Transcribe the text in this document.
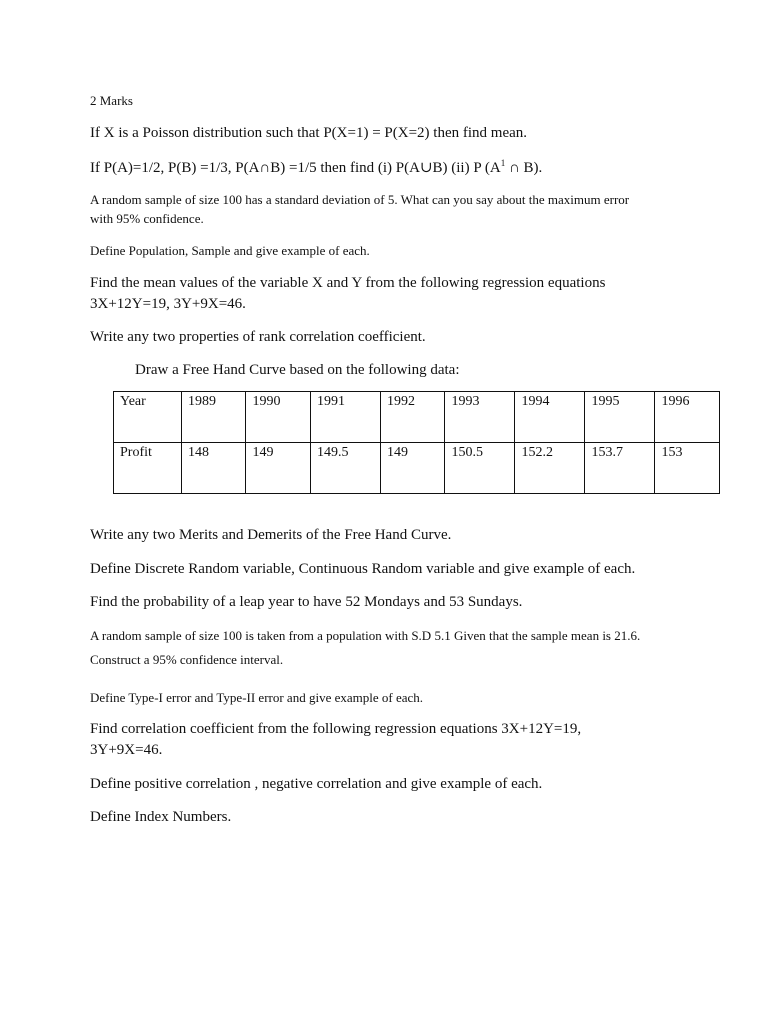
2 Marks
If X is a Poisson distribution such that P(X=1) = P(X=2) then find mean.
If P(A)=1/2, P(B) =1/3, P(A∩B) =1/5 then find (i) P(A∪B) (ii) P ($A^1$ ∩ B).
A random sample of size 100 has a standard deviation of 5. What can you say about the maximum error
with 95% confidence.
Define Population, Sample and give example of each.
Find the mean values of the variable X and Y from the following regression equations
3X+12Y=19, 3Y+9X=46.
Write any two properties of rank correlation coefficient.
Draw a Free Hand Curve based on the following data:
Year	1989	1990	1991	1992	1993	1994	1995	1996
Profit	148	149	149.5	149	150.5	152.2	153.7	153
Write any two Merits and Demerits of the Free Hand Curve.
Define Discrete Random variable, Continuous Random variable and give example of each.
Find the probability of a leap year to have 52 Mondays and 53 Sundays.
A random sample of size 100 is taken from a population with S.D 5.1 Given that the sample mean is 21.6.
Construct a 95% confidence interval.
Define Type-I error and Type-II error and give example of each.
Find correlation coefficient from the following regression equations 3X+12Y=19,
3Y+9X=46.
Define positive correlation , negative correlation and give example of each.
Define Index Numbers.
